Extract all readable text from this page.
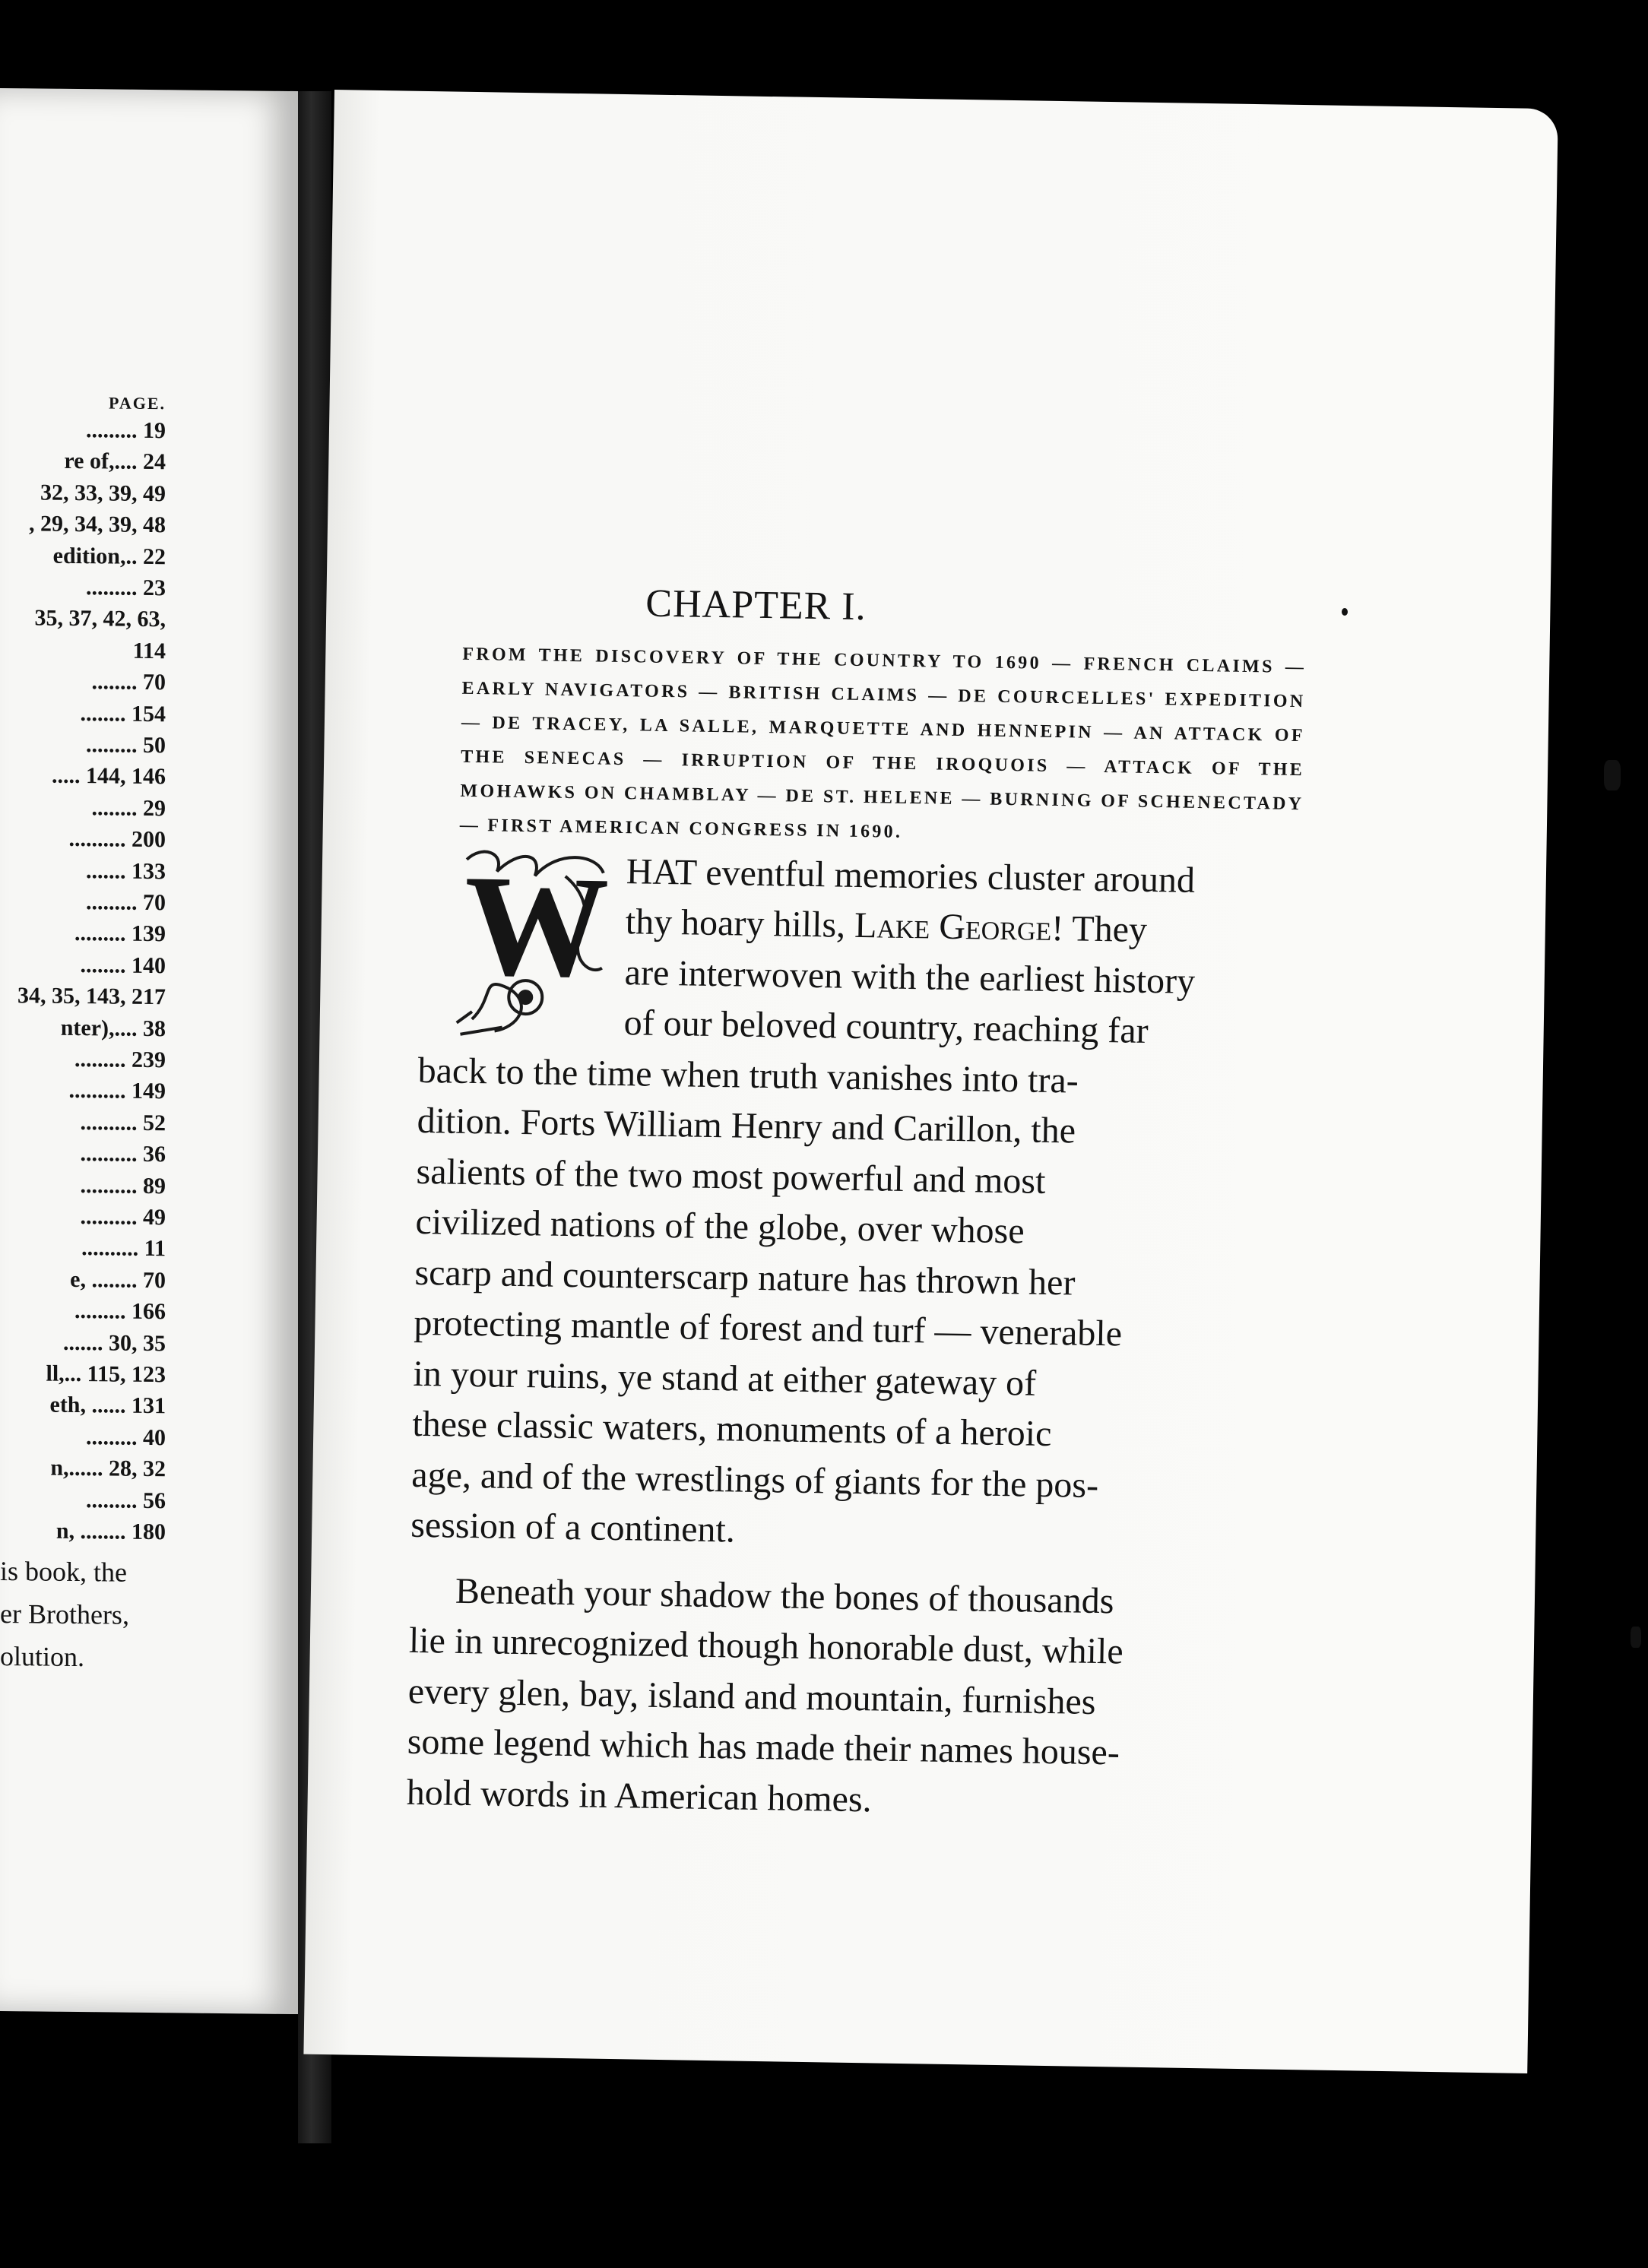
PAGE.
......... 19
re of,.... 24
32, 33, 39, 49
, 29, 34, 39, 48
edition,.. 22
......... 23
35, 37, 42, 63,
114
........ 70
........ 154
......... 50
..... 144, 146
........ 29
.......... 200
....... 133
......... 70
......... 139
........ 140
34, 35, 143, 217
nter),.... 38
......... 239
.......... 149
.......... 52
.......... 36
.......... 89
.......... 49
.......... 11
e, ........ 70
......... 166
....... 30, 35
ll,... 115, 123
eth, ...... 131
......... 40
n,...... 28, 32
......... 56
n, ........ 180
is book, the
er Brothers,
olution.
CHAPTER I.
FROM THE DISCOVERY OF THE COUNTRY TO 1690 — FRENCH CLAIMS — EARLY NAVIGATORS — BRITISH CLAIMS — DE COURCELLES' EXPEDITION — DE TRACEY, LA SALLE, MARQUETTE AND HENNEPIN — AN ATTACK OF THE SENECAS — IRRUPTION OF THE IROQUOIS — ATTACK OF THE MOHAWKS ON CHAMBLAY — DE ST. HELENE — BURNING OF SCHENECTADY — FIRST AMERICAN CONGRESS IN 1690.
W HAT eventful memories cluster around
thy hoary hills, Lake George! They
are interwoven with the earliest history
of our beloved country, reaching far
back to the time when truth vanishes into tra-
dition. Forts William Henry and Carillon, the
salients of the two most powerful and most
civilized nations of the globe, over whose
scarp and counterscarp nature has thrown her
protecting mantle of forest and turf — venerable
in your ruins, ye stand at either gateway of
these classic waters, monuments of a heroic
age, and of the wrestlings of giants for the pos-
session of a continent.
Beneath your shadow the bones of thousands
lie in unrecognized though honorable dust, while
every glen, bay, island and mountain, furnishes
some legend which has made their names house-
hold words in American homes.
